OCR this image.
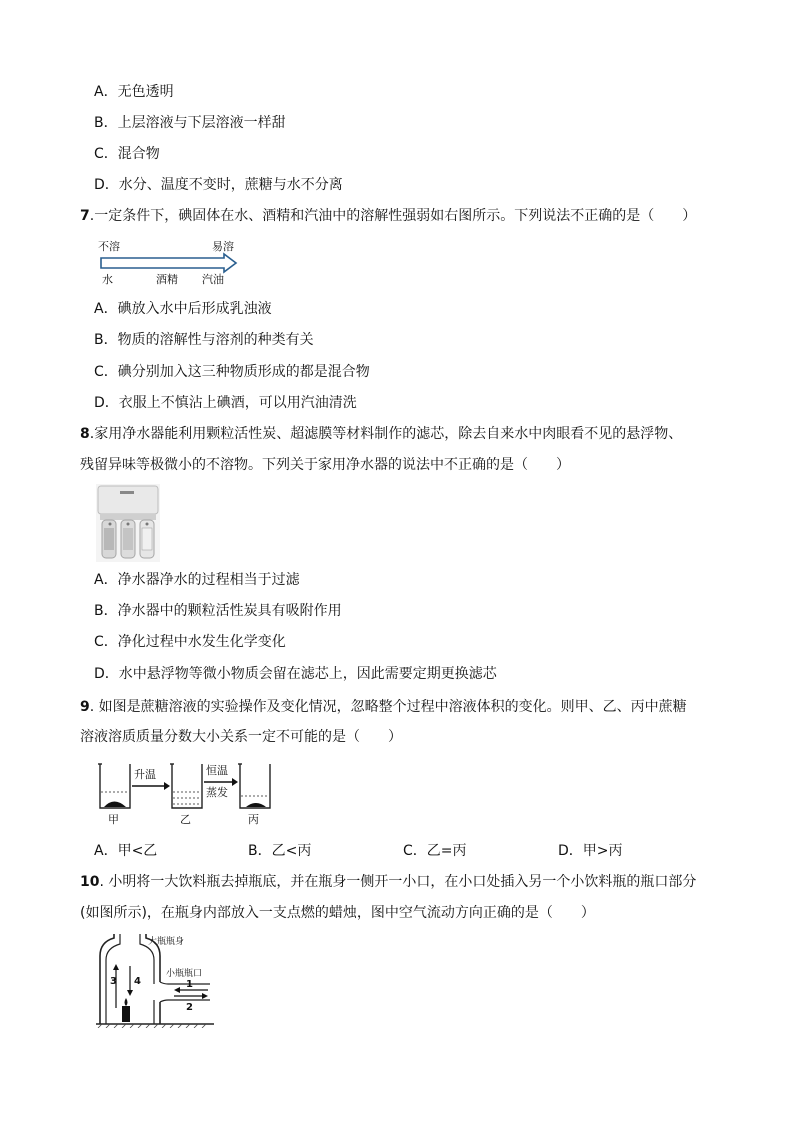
A．无色透明
B．上层溶液与下层溶液一样甜
C．混合物
D．水分、温度不变时，蔗糖与水不分离
7.一定条件下，碘固体在水、酒精和汽油中的溶解性强弱如右图所示。下列说法不正确的是（　　）
不溶	易溶
水	酒精 汽油
A．碘放入水中后形成乳浊液
B．物质的溶解性与溶剂的种类有关
C．碘分别加入这三种物质形成的都是混合物
D．衣服上不慎沾上碘酒，可以用汽油清洗
8.家用净水器能利用颗粒活性炭、超滤膜等材料制作的滤芯，除去自来水中肉眼看不见的悬浮物、
残留异味等极微小的不溶物。下列关于家用净水器的说法中不正确的是（　　）
A．净水器净水的过程相当于过滤
B．净水器中的颗粒活性炭具有吸附作用
C．净化过程中水发生化学变化
D．水中悬浮物等微小物质会留在滤芯上，因此需要定期更换滤芯
9. 如图是蔗糖溶液的实验操作及变化情况，忽略整个过程中溶液体积的变化。则甲、乙、丙中蔗糖
溶液溶质质量分数大小关系一定不可能的是（　　）
甲
升温
乙
恒温
蒸发
丙
A．甲<乙	B．乙<丙	C．乙=丙	D．甲>丙
10. 小明将一大饮料瓶去掉瓶底，并在瓶身一侧开一小口，在小口处插入另一个小饮料瓶的瓶口部分
(如图所示)，在瓶身内部放入一支点燃的蜡烛，图中空气流动方向正确的是（　　）
3 4	1
2
大瓶瓶身
小瓶瓶口
